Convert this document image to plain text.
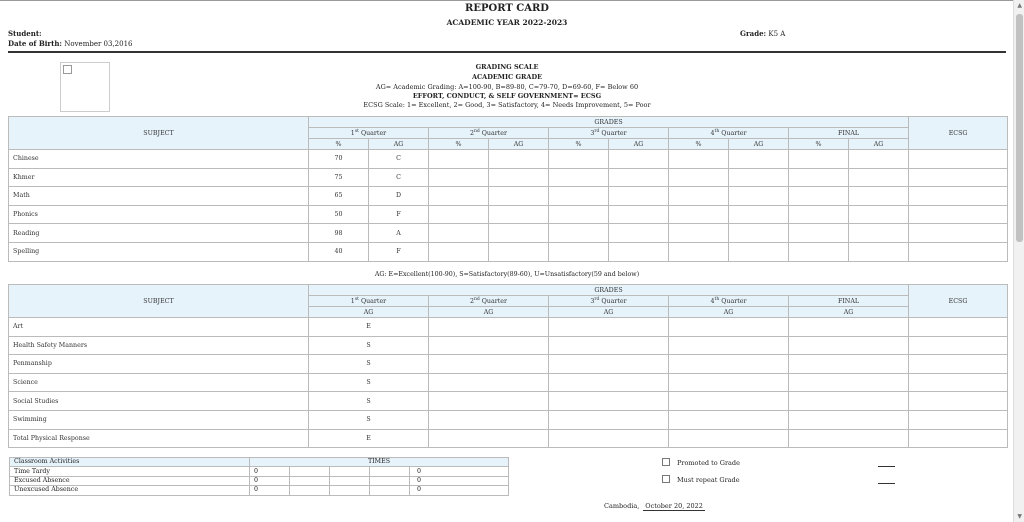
REPORT CARD
ACADEMIC YEAR 2022-2023
Student:
Date of Birth: November 03,2016
Grade: K5 A
GRADING SCALE
ACADEMIC GRADE
AG= Academic Grading: A=100-90, B=89-80, C=79-70, D=69-60, F= Below 60
EFFORT, CONDUCT, & SELF GOVERNMENT= ECSG
ECSG Scale: 1= Excellent, 2= Good, 3= Satisfactory, 4= Needs Improvement, 5= Poor
SUBJECT	GRADES										ECSG
	1st Quarter		2nd Quarter		3rd Quarter		4th Quarter		FINAL		
	%	AG	%	AG	%	AG	%	AG	%	AG	
Chinese	70	C									
Khmer	75	C									
Math	65	D									
Phonics	50	F									
Reading	98	A									
Spelling	40	F									
AG: E=Excellent(100-90), S=Satisfactory(89-60), U=Unsatisfactory(59 and below)
SUBJECT	GRADES					ECSG
	1st Quarter	2nd Quarter	3rd Quarter	4th Quarter	FINAL	
	AG	AG	AG	AG	AG	
Art	E					
Health Safety Manners	S					
Penmanship	S					
Science	S					
Social Studies	S					
Swimming	S					
Total Physical Response	E					
Classroom Activities	TIMES				
Time Tardy	0				0
Excused Absence	0				0
Unexcused Absence	0				0
Promoted to Grade
Must repeat Grade
Cambodia, October 20, 2022
▲
▼
